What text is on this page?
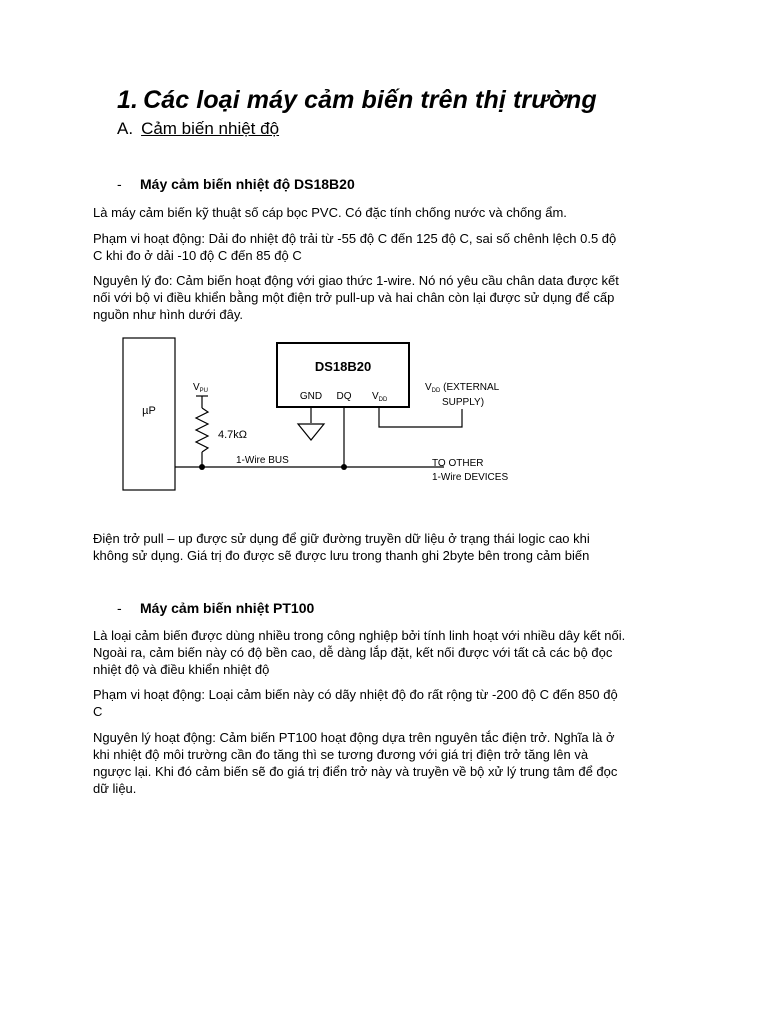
1. Các loại máy cảm biến trên thị trường
A. Cảm biến nhiệt độ
- Máy cảm biến nhiệt độ DS18B20
Là máy cảm biến kỹ thuật số cáp bọc PVC. Có đặc tính chống nước và chống ẩm.
Phạm vi hoạt động: Dải đo nhiệt độ trải từ -55 độ C đến 125 độ C, sai số chênh lệch 0.5 độ
C khi đo ở dải -10 độ C đến 85 độ C
Nguyên lý đo: Cảm biến hoạt động với giao thức 1-wire. Nó nó yêu cầu chân data được kết
nối với bộ vi điều khiển bằng một điện trở pull-up và hai chân còn lại được sử dụng để cấp
nguồn như hình dưới đây.
µP
$V_{PU}$
4.7kΩ
1-Wire BUS
DS18B20
GND DQ $V_{DD}$
$V_{DD}$ (EXTERNAL
SUPPLY)
TO OTHER
1-Wire DEVICES
Điện trở pull – up được sử dụng để giữ đường truyền dữ liệu ở trạng thái logic cao khi
không sử dụng. Giá trị đo được sẽ được lưu trong thanh ghi 2byte bên trong cảm biến
- Máy cảm biến nhiệt PT100
Là loại cảm biến được dùng nhiều trong công nghiệp bởi tính linh hoạt với nhiều dây kết nối.
Ngoài ra, cảm biến này có độ bền cao, dễ dàng lắp đặt, kết nối được với tất cả các bộ đọc
nhiệt độ và điều khiển nhiệt độ
Phạm vi hoạt động: Loại cảm biến này có dãy nhiệt độ đo rất rộng từ -200 độ C đến 850 độ
C
Nguyên lý hoạt động: Cảm biến PT100 hoạt động dựa trên nguyên tắc điện trở. Nghĩa là ở
khi nhiệt độ môi trường cần đo tăng thì se tương đương với giá trị điện trở tăng lên và
ngược lại. Khi đó cảm biến sẽ đo giá trị điển trở này và truyền về bộ xử lý trung tâm để đọc
dữ liệu.
